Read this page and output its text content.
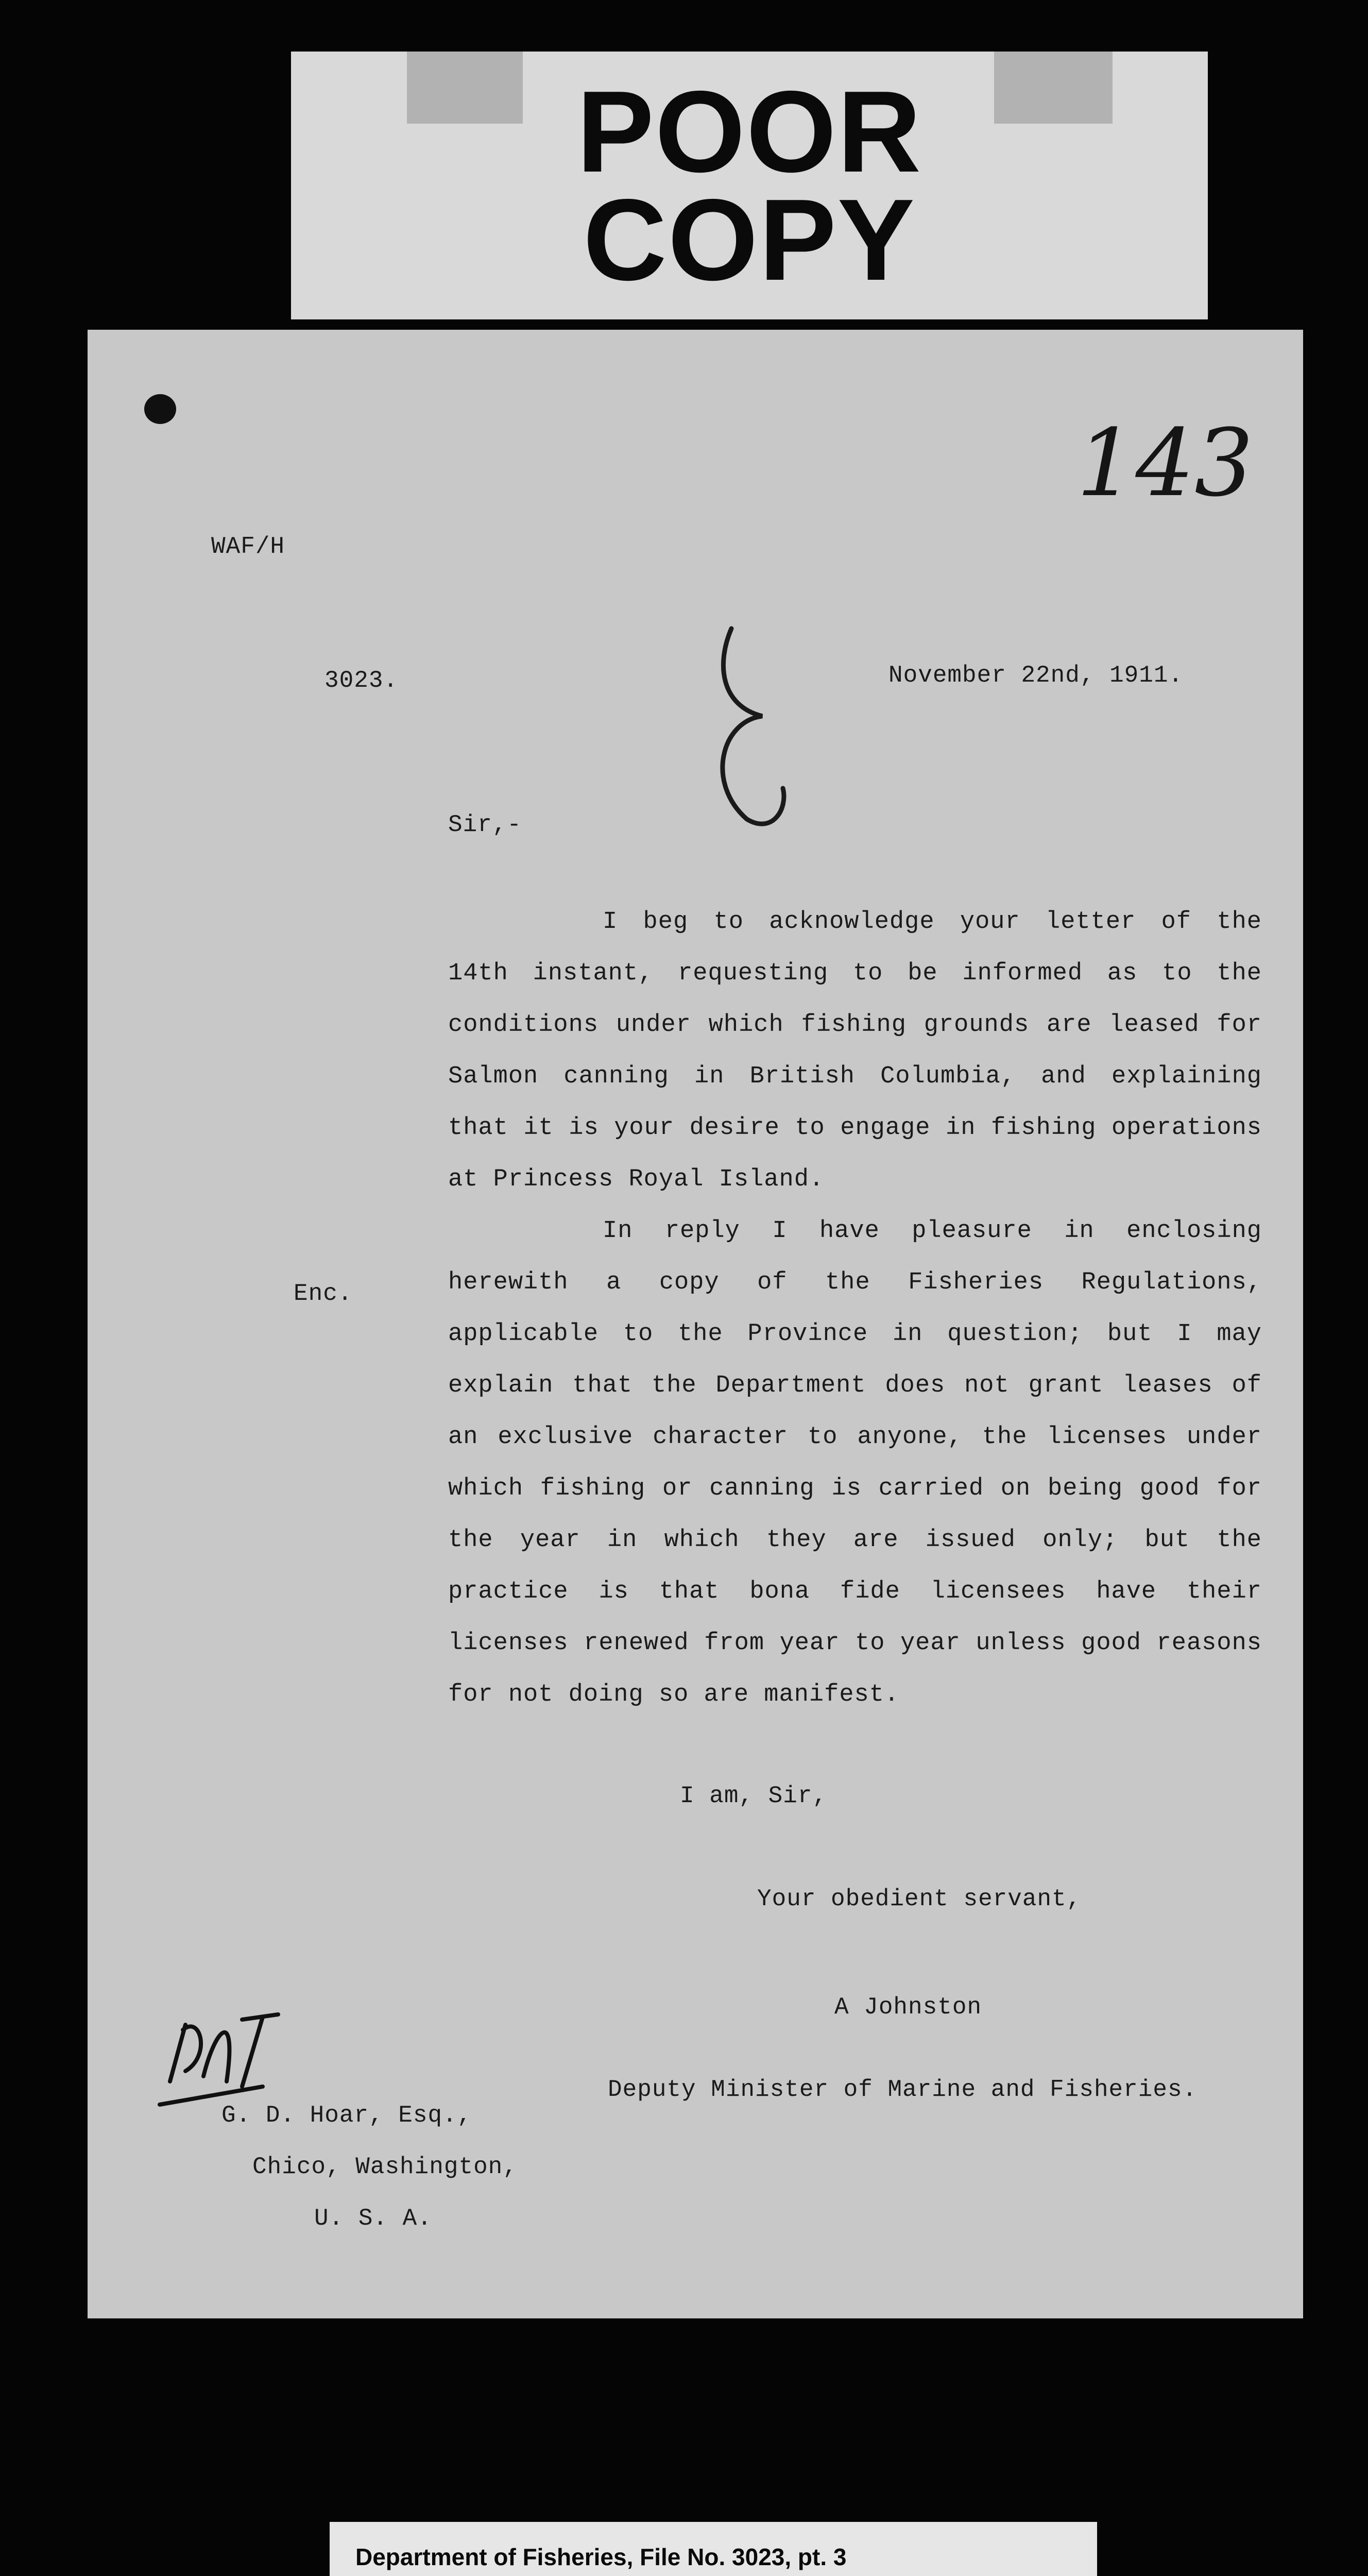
POOR
COPY
143
WAF/H
3023.	November 22nd, 1911.
Sir,-

I beg to acknowledge your letter of the 14th instant, requesting to be informed as to the conditions under which fishing grounds are leased for Salmon canning in British Columbia, and explaining that it is your desire to engage in fishing operations at Princess Royal Island.

In reply I have pleasure in enclosing herewith a copy of the Fisheries Regulations, applicable to the Province in question; but I may explain that the Department does not grant leases of an exclusive character to anyone, the licenses under which fishing or canning is carried on being good for the year in which they are issued only; but the practice is that bona fide licensees have their licenses renewed from year to year unless good reasons for not doing so are manifest.

Enc.
I am, Sir,
Your obedient servant,
A Johnston
Deputy Minister of Marine and Fisheries.
G. D. Hoar, Esq.,
Chico, Washington,
U. S. A.
Department of Fisheries, File No. 3023, pt. 3
